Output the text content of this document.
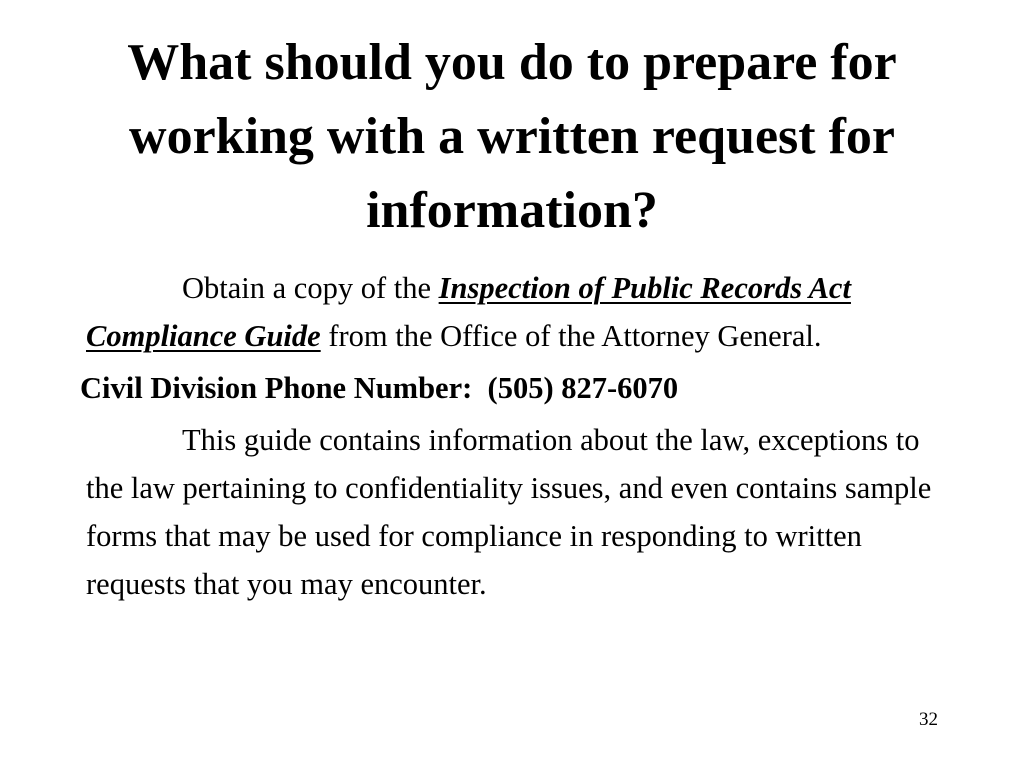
What should you do to prepare for working with a written request for information?

Obtain a copy of the Inspection of Public Records Act Compliance Guide from the Office of the Attorney General.

Civil Division Phone Number: (505) 827-6070

This guide contains information about the law, exceptions to the law pertaining to confidentiality issues, and even contains sample forms that may be used for compliance in responding to written requests that you may encounter.

32
